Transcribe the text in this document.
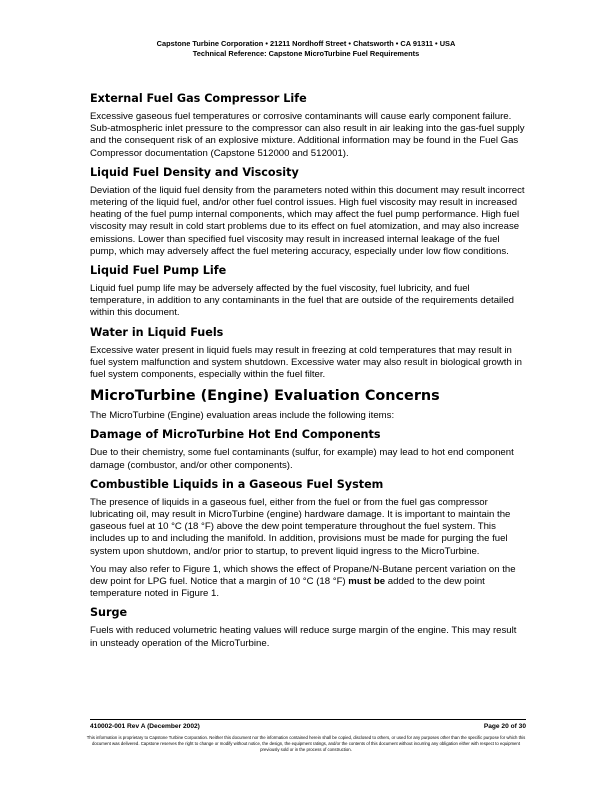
Capstone Turbine Corporation • 21211 Nordhoff Street • Chatsworth • CA 91311 • USA
Technical Reference: Capstone MicroTurbine Fuel Requirements
External Fuel Gas Compressor Life

Excessive gaseous fuel temperatures or corrosive contaminants will cause early component failure. Sub-atmospheric inlet pressure to the compressor can also result in air leaking into the gas-fuel supply and the consequent risk of an explosive mixture. Additional information may be found in the Fuel Gas Compressor documentation (Capstone 512000 and 512001).

Liquid Fuel Density and Viscosity

Deviation of the liquid fuel density from the parameters noted within this document may result incorrect metering of the liquid fuel, and/or other fuel control issues. High fuel viscosity may result in increased heating of the fuel pump internal components, which may affect the fuel pump performance. High fuel viscosity may result in cold start problems due to its effect on fuel atomization, and may also increase emissions. Lower than specified fuel viscosity may result in increased internal leakage of the fuel pump, which may adversely affect the fuel metering accuracy, especially under low flow conditions.

Liquid Fuel Pump Life

Liquid fuel pump life may be adversely affected by the fuel viscosity, fuel lubricity, and fuel temperature, in addition to any contaminants in the fuel that are outside of the requirements detailed within this document.

Water in Liquid Fuels

Excessive water present in liquid fuels may result in freezing at cold temperatures that may result in fuel system malfunction and system shutdown. Excessive water may also result in biological growth in fuel system components, especially within the fuel filter.

MicroTurbine (Engine) Evaluation Concerns

The MicroTurbine (Engine) evaluation areas include the following items:

Damage of MicroTurbine Hot End Components

Due to their chemistry, some fuel contaminants (sulfur, for example) may lead to hot end component damage (combustor, and/or other components).

Combustible Liquids in a Gaseous Fuel System

The presence of liquids in a gaseous fuel, either from the fuel or from the fuel gas compressor lubricating oil, may result in MicroTurbine (engine) hardware damage. It is important to maintain the gaseous fuel at 10 °C (18 °F) above the dew point temperature throughout the fuel system. This includes up to and including the manifold. In addition, provisions must be made for purging the fuel system upon shutdown, and/or prior to startup, to prevent liquid ingress to the MicroTurbine.

You may also refer to Figure 1, which shows the effect of Propane/N-Butane percent variation on the dew point for LPG fuel. Notice that a margin of 10 °C (18 °F) must be added to the dew point temperature noted in Figure 1.

Surge

Fuels with reduced volumetric heating values will reduce surge margin of the engine. This may result in unsteady operation of the MicroTurbine.

410002-001 Rev A (December 2002)	Page 20 of 30
This information is proprietary to Capstone Turbine Corporation. Neither this document nor the information contained herein shall be copied, disclosed to others, or used for any purposes other than the specific purpose for which this document was delivered. Capstone reserves the right to change or modify without notice, the design, the equipment ratings, and/or the contents of this document without incurring any obligation either with respect to equipment previously sold or in the process of construction.
